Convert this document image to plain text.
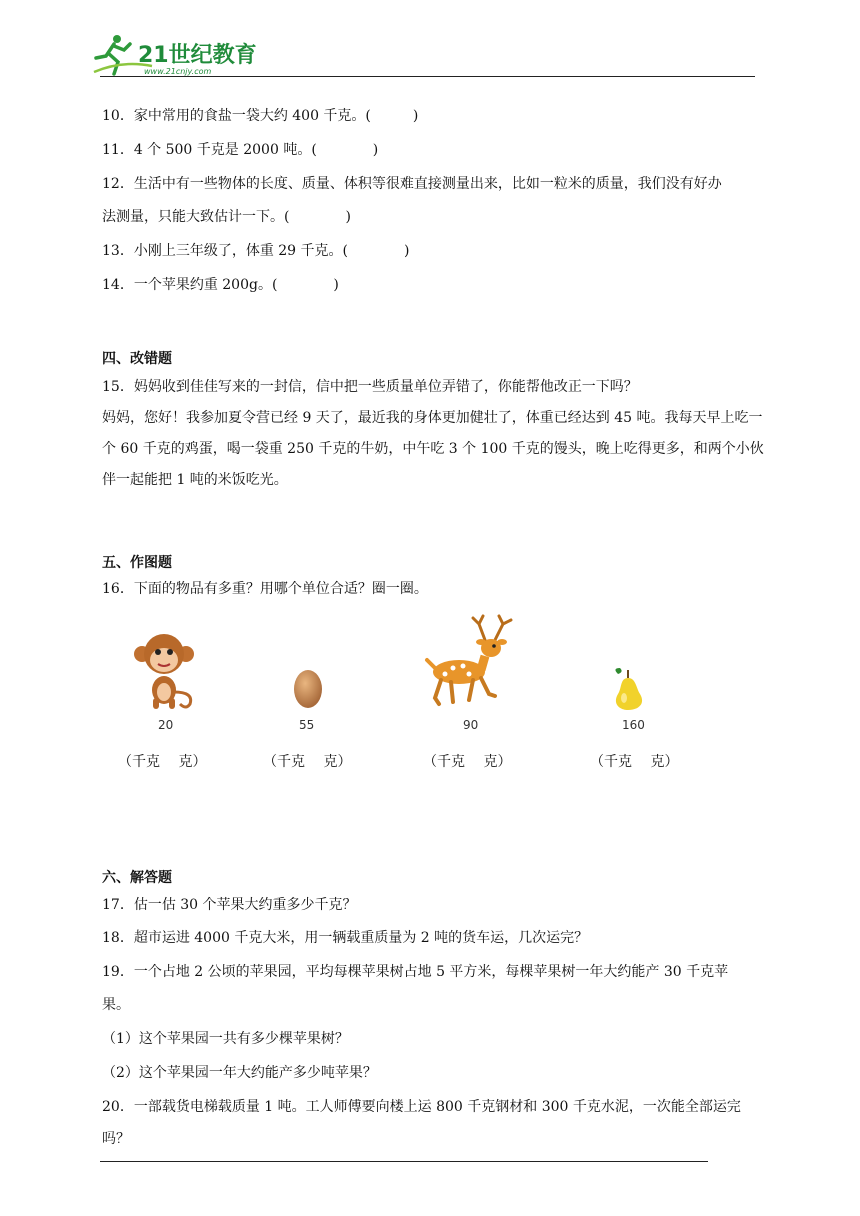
21世纪教育
www.21cnjy.com
10．家中常用的食盐一袋大约 400 千克。(　　　)
11．4 个 500 千克是 2000 吨。(　　　　)
12．生活中有一些物体的长度、质量、体积等很难直接测量出来，比如一粒米的质量，我们没有好办
法测量，只能大致估计一下。(　　　　)
13．小刚上三年级了，体重 29 千克。(　　　　)
14．一个苹果约重 200g。(　　　　)
四、改错题
15．妈妈收到佳佳写来的一封信，信中把一些质量单位弄错了，你能帮他改正一下吗？
妈妈，您好！我参加夏令营已经 9 天了，最近我的身体更加健壮了，体重已经达到 45 吨。我每天早上吃一个 60 千克的鸡蛋，喝一袋重 250 千克的牛奶，中午吃 3 个 100 千克的馒头，晚上吃得更多，和两个小伙伴一起能把 1 吨的米饭吃光。
五、作图题
16．下面的物品有多重？用哪个单位合适？圈一圈。
20
（千克　 克）
55
（千克　 克）
90
（千克　 克）
160
（千克　 克）
六、解答题
17．估一估 30 个苹果大约重多少千克？
18．超市运进 4000 千克大米，用一辆载重质量为 2 吨的货车运，几次运完？
19．一个占地 2 公顷的苹果园，平均每棵苹果树占地 5 平方米，每棵苹果树一年大约能产 30 千克苹
果。
（1）这个苹果园一共有多少棵苹果树？
（2）这个苹果园一年大约能产多少吨苹果？
20．一部载货电梯载质量 1 吨。工人师傅要向楼上运 800 千克钢材和 300 千克水泥，一次能全部运完
吗？
